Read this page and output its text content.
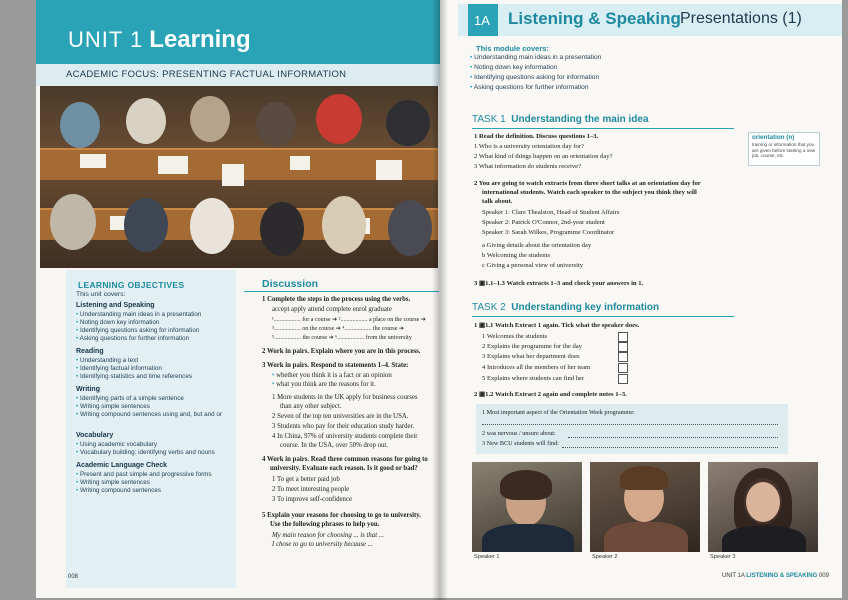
UNIT 1 Learning
ACADEMIC FOCUS: PRESENTING FACTUAL INFORMATION
LEARNING OBJECTIVES
This unit covers:
Listening and Speaking
• Understanding main ideas in a presentation
• Noting down key information
• Identifying questions asking for information
• Asking questions for further information
Reading
• Understanding a text
• Identifying factual information
• Identifying statistics and time references
Writing
• Identifying parts of a simple sentence
• Writing simple sentences
• Writing compound sentences using and, but and or
Vocabulary
• Using academic vocabulary
• Vocabulary building: identifying verbs and nouns
Academic Language Check
• Present and past simple and progressive forms
• Writing simple sentences
• Writing compound sentences
Discussion
1 Complete the steps in the process using the verbs.
accept apply attend complete enrol graduate
¹.................. for a course ➔ ².................. a place on the course ➔
³.................. on the course ➔ ⁴.................. the course ➔
⁵.................. the course ➔ ⁶.................. from the university
2 Work in pairs. Explain where you are in this process.
3 Work in pairs. Respond to statements 1–4. State:
• whether you think it is a fact or an opinion
• what you think are the reasons for it.
1 More students in the UK apply for business courses
than any other subject.
2 Seven of the top ten universities are in the USA.
3 Students who pay for their education study harder.
4 In China, 97% of university students complete their
course. In the USA, over 50% drop out.
4 Work in pairs. Read three common reasons for going to
university. Evaluate each reason. Is it good or bad?
1 To get a better paid job
2 To meet interesting people
3 To improve self-confidence
5 Explain your reasons for choosing to go to university.
Use the following phrases to help you.
My main reason for choosing ... is that ...
I chose to go to university because ...
008
1A Listening & Speaking Presentations (1)
This module covers:
• Understanding main ideas in a presentation
• Noting down key information
• Identifying questions asking for information
• Asking questions for further information
TASK 1 Understanding the main idea
1 Read the definition. Discuss questions 1–3.
1 Who is a university orientation day for?
2 What kind of things happen on an orientation day?
3 What information do students receive?
orientation (n)
training or information that you are given before starting a new job, course, etc.
2 You are going to watch extracts from three short talks at an orientation day for
international students. Watch each speaker to the subject you think they will
talk about.
Speaker 1: Clare Thealston, Head of Student Affairs
Speaker 2: Patrick O'Connor, 2nd-year student
Speaker 3: Sarah Wilkes, Programme Coordinator
a Giving details about the orientation day
b Welcoming the students
c Giving a personal view of university
3 ▣1.1–1.3 Watch extracts 1–3 and check your answers in 1.
TASK 2 Understanding key information
1 ▣1.1 Watch Extract 1 again. Tick what the speaker does.
1 Welcomes the students
2 Explains the programme for the day
3 Explains what her department does
4 Introduces all the members of her team
5 Explains where students can find her
2 ▣1.2 Watch Extract 2 again and complete notes 1–3.
1 Most important aspect of the Orientation Week programme:
2 was nervous / unsure about:
3 New BCU students will find:
Speaker 1	Speaker 2	Speaker 3
UNIT 1A LISTENING & SPEAKING 009
